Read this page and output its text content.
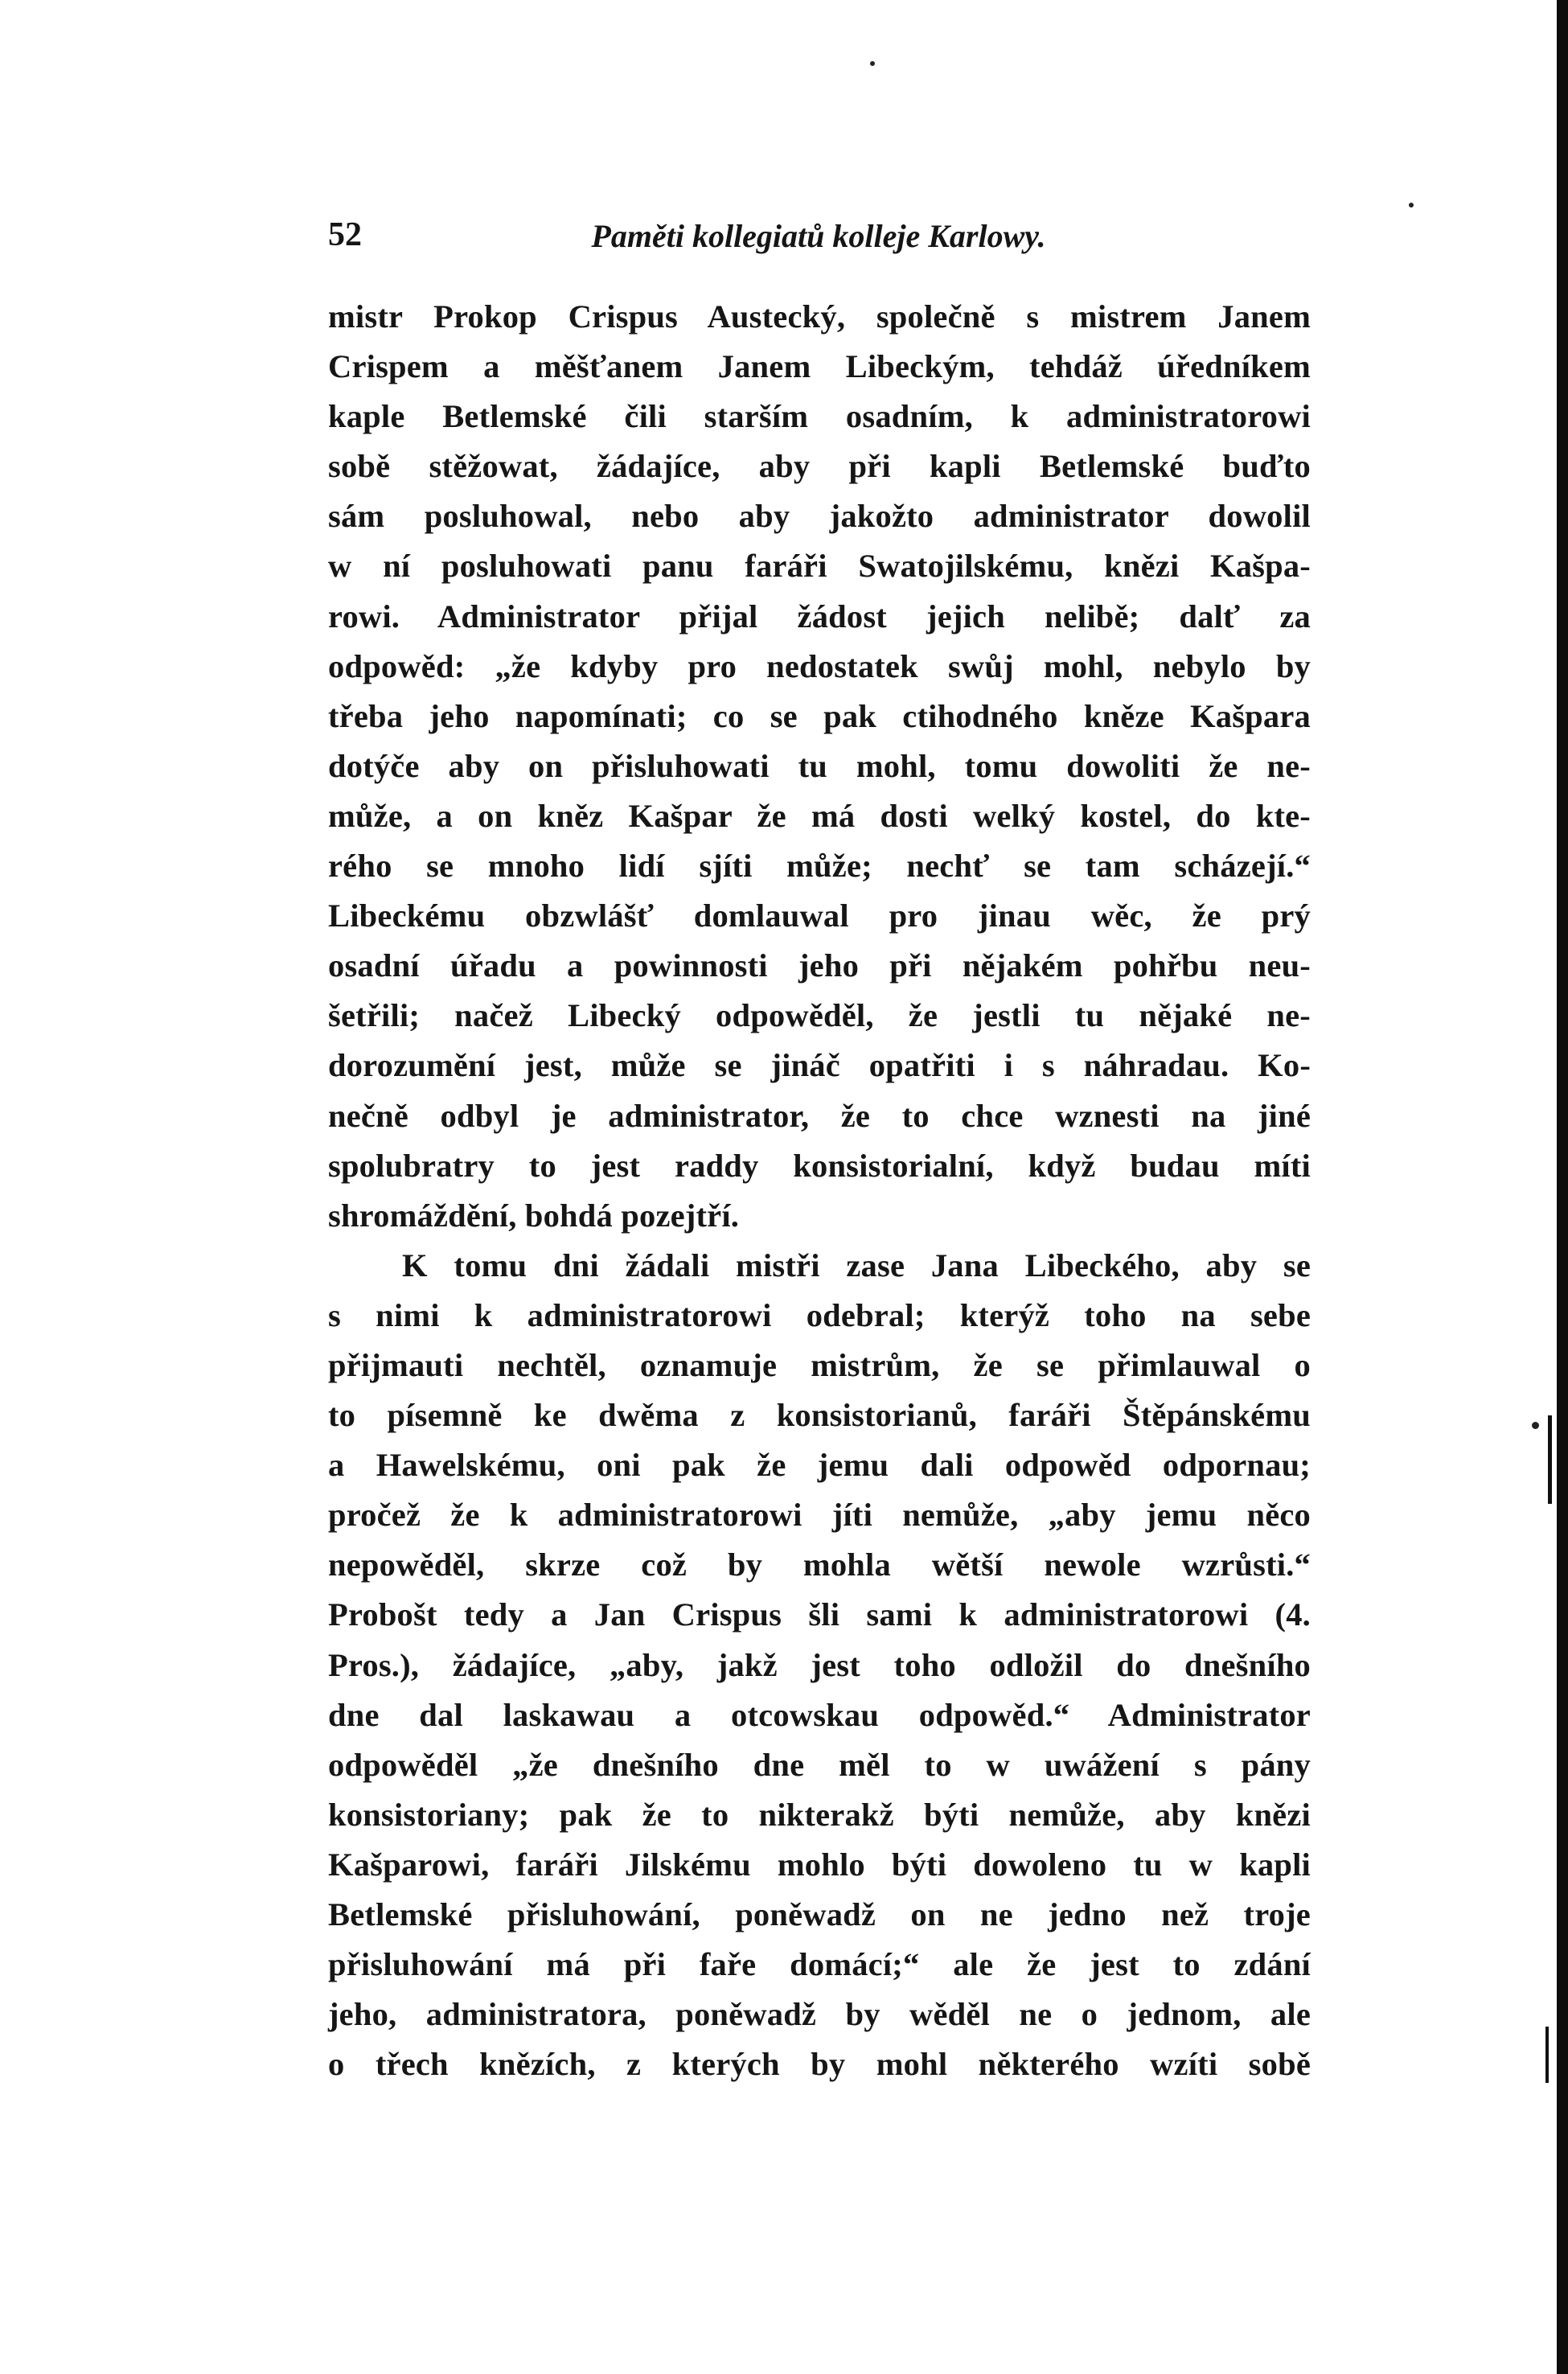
52	Paměti kollegiatů kolleje Karlowy.
mistr Prokop Crispus Austecký, společně s mistrem Janem
Crispem a měšťanem Janem Libeckým, tehdáž úředníkem
kaple Betlemské čili starším osadním, k administratorowi
sobě stěžowat, žádajíce, aby při kapli Betlemské buďto
sám posluhowal, nebo aby jakožto administrator dowolil
w ní posluhowati panu faráři Swatojilskému, knězi Kašpa-
rowi. Administrator přijal žádost jejich nelibě; dalť za
odpowěd: „že kdyby pro nedostatek swůj mohl, nebylo by
třeba jeho napomínati; co se pak ctihodného kněze Kašpara
dotýče aby on přisluhowati tu mohl, tomu dowoliti že ne-
může, a on kněz Kašpar že má dosti welký kostel, do kte-
rého se mnoho lidí sjíti může; nechť se tam scházejí.“
Libeckému obzwlášť domlauwal pro jinau wěc, že prý
osadní úřadu a powinnosti jeho při nějakém pohřbu neu-
šetřili; načež Libecký odpowěděl, že jestli tu nějaké ne-
dorozumění jest, může se jináč opatřiti i s náhradau. Ko-
nečně odbyl je administrator, že to chce wznesti na jiné
spolubratry to jest raddy konsistorialní, když budau míti
shromáždění, bohdá pozejtří.
K tomu dni žádali mistři zase Jana Libeckého, aby se
s nimi k administratorowi odebral; kterýž toho na sebe
přijmauti nechtěl, oznamuje mistrům, že se přimlauwal o
to písemně ke dwěma z konsistorianů, faráři Štěpánskému
a Hawelskému, oni pak že jemu dali odpowěd odpornau;
pročež že k administratorowi jíti nemůže, „aby jemu něco
nepowěděl, skrze což by mohla wětší newole wzrůsti.“
Probošt tedy a Jan Crispus šli sami k administratorowi (4.
Pros.), žádajíce, „aby, jakž jest toho odložil do dnešního
dne dal laskawau a otcowskau odpowěd.“ Administrator
odpowěděl „že dnešního dne měl to w uwážení s pány
konsistoriany; pak že to nikterakž býti nemůže, aby knězi
Kašparowi, faráři Jilskému mohlo býti dowoleno tu w kapli
Betlemské přisluhowání, poněwadž on ne jedno než troje
přisluhowání má při faře domácí;“ ale že jest to zdání
jeho, administratora, poněwadž by wěděl ne o jednom, ale
o třech knězích, z kterých by mohl některého wzíti sobě
